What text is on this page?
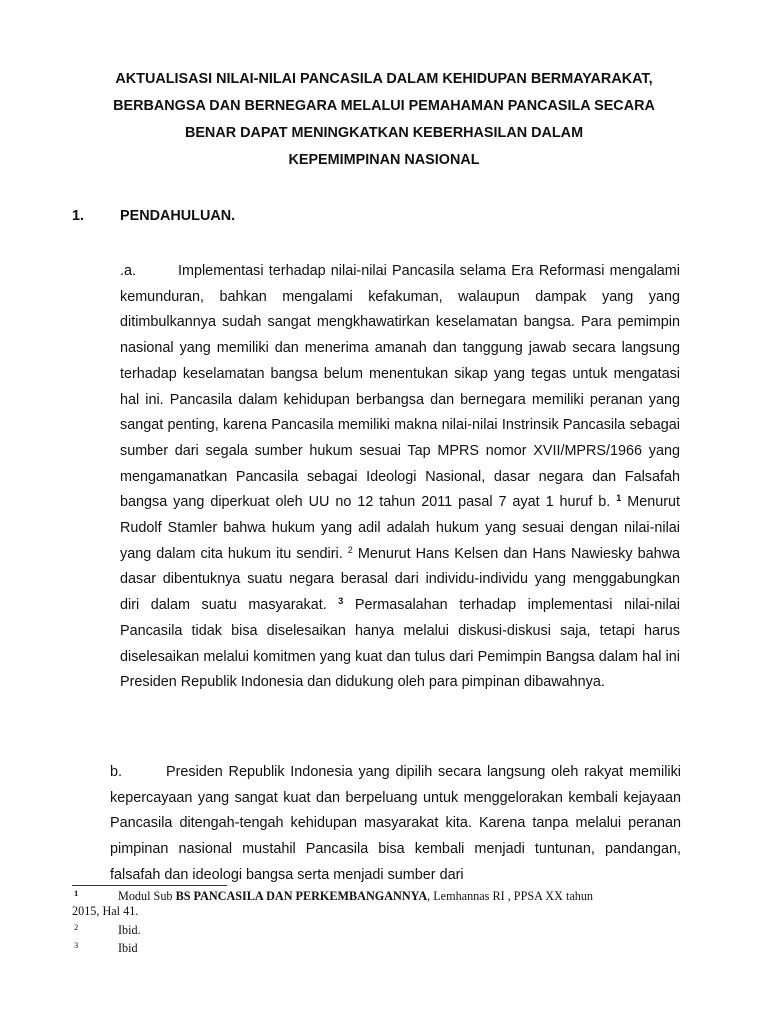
AKTUALISASI NILAI-NILAI PANCASILA DALAM KEHIDUPAN BERMAYARAKAT,
BERBANGSA DAN BERNEGARA MELALUI PEMAHAMAN PANCASILA SECARA
BENAR DAPAT MENINGKATKAN KEBERHASILAN DALAM
KEPEMIMPINAN NASIONAL
1. PENDAHULUAN.
.a.	Implementasi terhadap nilai-nilai Pancasila selama Era Reformasi mengalami kemunduran, bahkan mengalami kefakuman, walaupun dampak yang yang ditimbulkannya sudah sangat mengkhawatirkan keselamatan bangsa. Para pemimpin nasional yang memiliki dan menerima amanah dan tanggung jawab secara langsung terhadap keselamatan bangsa belum menentukan sikap yang tegas untuk mengatasi hal ini. Pancasila dalam kehidupan berbangsa dan bernegara memiliki peranan yang sangat penting, karena Pancasila memiliki makna nilai-nilai Instrinsik Pancasila sebagai sumber dari segala sumber hukum sesuai Tap MPRS nomor XVII/MPRS/1966 yang mengamanatkan Pancasila sebagai Ideologi Nasional, dasar negara dan Falsafah bangsa yang diperkuat oleh UU no 12 tahun 2011 pasal 7 ayat 1 huruf b. $^1$ Menurut Rudolf Stamler bahwa hukum yang adil adalah hukum yang sesuai dengan nilai-nilai yang dalam cita hukum itu sendiri. $^2$ Menurut Hans Kelsen dan Hans Nawiesky bahwa dasar dibentuknya suatu negara berasal dari individu-individu yang menggabungkan diri dalam suatu masyarakat. $^3$ Permasalahan terhadap implementasi nilai-nilai Pancasila tidak bisa diselesaikan hanya melalui diskusi-diskusi saja, tetapi harus diselesaikan melalui komitmen yang kuat dan tulus dari Pemimpin Bangsa dalam hal ini Presiden Republik Indonesia dan didukung oleh para pimpinan dibawahnya.
b.	Presiden Republik Indonesia yang dipilih secara langsung oleh rakyat memiliki kepercayaan yang sangat kuat dan berpeluang untuk menggelorakan kembali kejayaan Pancasila ditengah-tengah kehidupan masyarakat kita. Karena tanpa melalui peranan pimpinan nasional mustahil Pancasila bisa kembali menjadi tuntunan, pandangan, falsafah dan ideologi bangsa serta menjadi sumber dari
1	Modul Sub BS PANCASILA DAN PERKEMBANGANNYA, Lemhannas RI , PPSA XX tahun
2015, Hal 41.
2	Ibid.
3	Ibid
